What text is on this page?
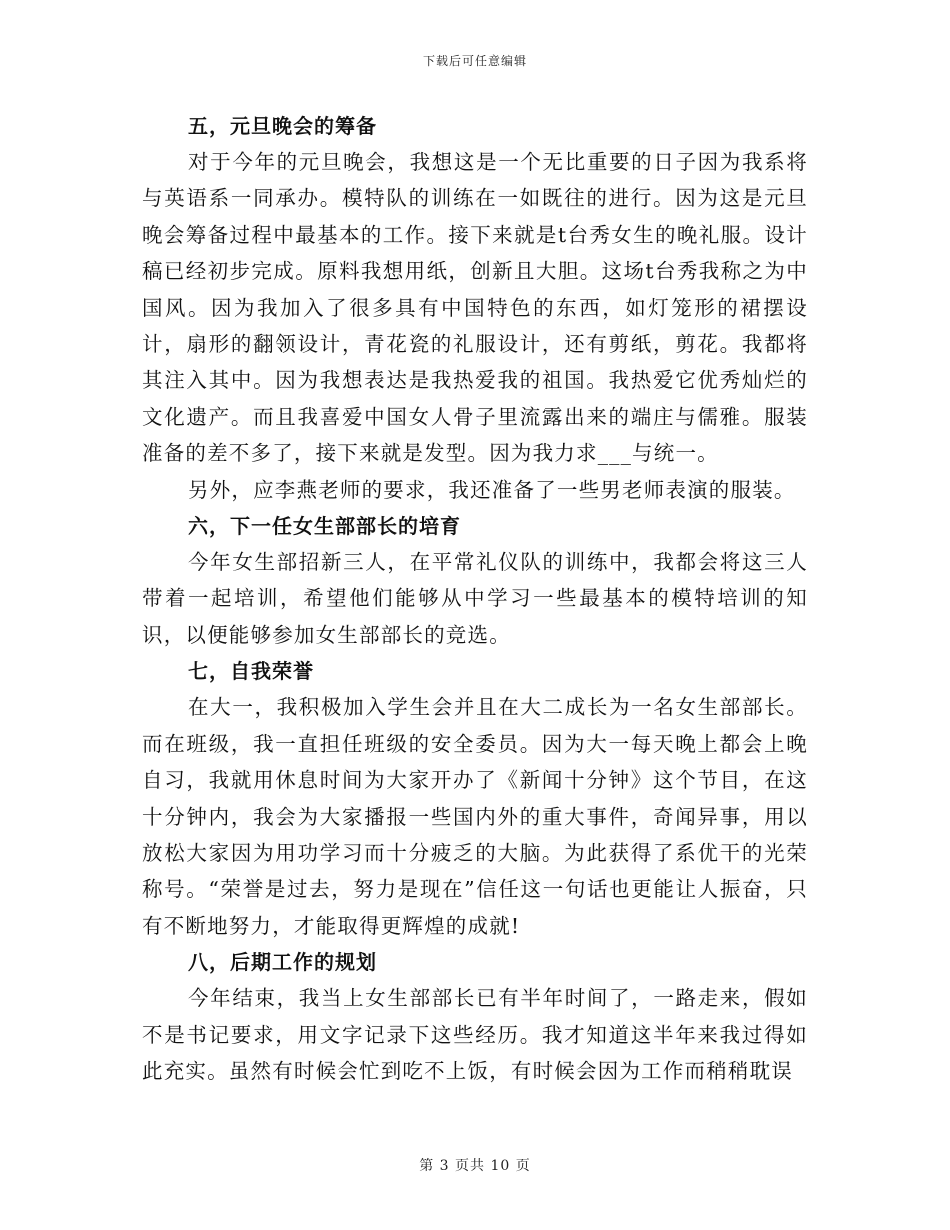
下载后可任意编辑
五，元旦晚会的筹备

对于今年的元旦晚会，我想这是一个无比重要的日子因为我系将与英语系一同承办。模特队的训练在一如既往的进行。因为这是元旦晚会筹备过程中最基本的工作。接下来就是t台秀女生的晚礼服。设计稿已经初步完成。原料我想用纸，创新且大胆。这场t台秀我称之为中国风。因为我加入了很多具有中国特色的东西，如灯笼形的裙摆设计，扇形的翻领设计，青花瓷的礼服设计，还有剪纸，剪花。我都将其注入其中。因为我想表达是我热爱我的祖国。我热爱它优秀灿烂的文化遗产。而且我喜爱中国女人骨子里流露出来的端庄与儒雅。服装准备的差不多了，接下来就是发型。因为我力求___与统一。

另外，应李燕老师的要求，我还准备了一些男老师表演的服装。

六，下一任女生部部长的培育

今年女生部招新三人，在平常礼仪队的训练中，我都会将这三人带着一起培训，希望他们能够从中学习一些最基本的模特培训的知识，以便能够参加女生部部长的竞选。

七，自我荣誉

在大一，我积极加入学生会并且在大二成长为一名女生部部长。而在班级，我一直担任班级的安全委员。因为大一每天晚上都会上晚自习，我就用休息时间为大家开办了《新闻十分钟》这个节目，在这十分钟内，我会为大家播报一些国内外的重大事件，奇闻异事，用以放松大家因为用功学习而十分疲乏的大脑。为此获得了系优干的光荣称号。“荣誉是过去，努力是现在”信任这一句话也更能让人振奋，只有不断地努力，才能取得更辉煌的成就!

八，后期工作的规划

今年结束，我当上女生部部长已有半年时间了，一路走来，假如不是书记要求，用文字记录下这些经历。我才知道这半年来我过得如此充实。虽然有时候会忙到吃不上饭，有时候会因为工作而稍稍耽误

第 3 页共 10 页
